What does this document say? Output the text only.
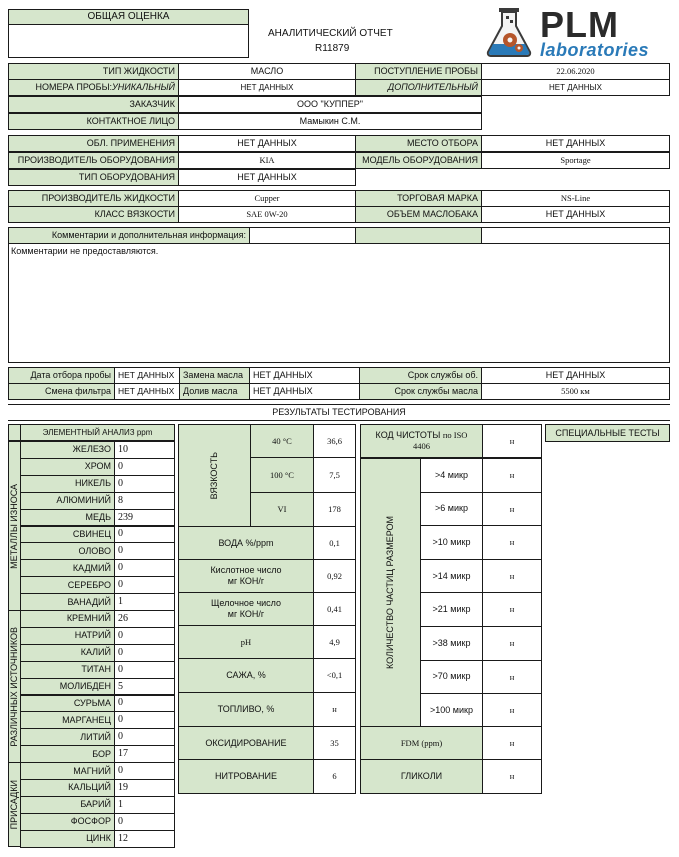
ОБЩАЯ ОЦЕНКА
АНАЛИТИЧЕСКИЙ ОТЧЕТ
R11879
PLM
laboratories
ТИП ЖИДКОСТИ	МАСЛО	ПОСТУПЛЕНИЕ ПРОБЫ	22.06.2020
НОМЕРА ПРОБЫ: УНИКАЛЬНЫЙ	НЕТ ДАННЫХ	ДОПОЛНИТЕЛЬНЫЙ	НЕТ ДАННЫХ
ЗАКАЗЧИК	ООО "КУППЕР"
КОНТАКТНОЕ ЛИЦО	Мамыкин С.М.
ОБЛ. ПРИМЕНЕНИЯ	НЕТ ДАННЫХ	МЕСТО ОТБОРА	НЕТ ДАННЫХ
ПРОИЗВОДИТЕЛЬ ОБОРУДОВАНИЯ	KIA	МОДЕЛЬ ОБОРУДОВАНИЯ	Sportage
ТИП ОБОРУДОВАНИЯ	НЕТ ДАННЫХ
ПРОИЗВОДИТЕЛЬ ЖИДКОСТИ	Cupper	ТОРГОВАЯ МАРКА	NS-Line
КЛАСС ВЯЗКОСТИ	SAE 0W-20	ОБЪЕМ МАСЛОБАКА	НЕТ ДАННЫХ
Комментарии и дополнительная информация:
Комментарии не предоставляются.
Дата отбора пробы НЕТ ДАННЫХ Замена масла	НЕТ ДАННЫХ	Срок службы об.	НЕТ ДАННЫХ
Смена фильтра НЕТ ДАННЫХ Долив масла	НЕТ ДАННЫХ	Срок службы масла	5500 км
РЕЗУЛЬТАТЫ ТЕСТИРОВАНИЯ
ЭЛЕМЕНТНЫЙ АНАЛИЗ ppm
МЕТАЛЛЫ ИЗНОСА
РАЗЛИЧНЫХ ИСТОЧНИКОВ
ПРИСАДКИ
ЖЕЛЕЗО 10
ХРОМ 0
НИКЕЛЬ 0
АЛЮМИНИЙ 8
МЕДЬ 239
СВИНЕЦ 0
ОЛОВО 0
КАДМИЙ 0
СЕРЕБРО 0
ВАНАДИЙ 1
КРЕМНИЙ 26
НАТРИЙ 0
КАЛИЙ 0
ТИТАН 0
МОЛИБДЕН 5
СУРЬМА 0
МАРГАНЕЦ 0
ЛИТИЙ 0
БОР 17
МАГНИЙ 0
КАЛЬЦИЙ 19
БАРИЙ 1
ФОСФОР 0
ЦИНК 12
ВЯЗКОСТЬ
40 °С	36,6
100 °С	7,5
VI	178
ВОДА %/ppm	0,1
Кислотное число
мг КОН/г
0,92
Щелочное число
мг КОН/г
0,41
pH	4,9
САЖА, %	<0,1
ТОПЛИВО, %	н
ОКСИДИРОВАНИЕ	35
НИТРОВАНИЕ	6
КОД ЧИСТОТЫ по ISO
4406
н
КОЛИЧЕСТВО ЧАСТИЦ РАЗМЕРОМ
>4 микр	н
>6 микр	н
>10 микр	н
>14 микр	н
>21 микр	н
>38 микр	н
>70 микр	н
>100 микр	н
FDM (ppm)	н
ГЛИКОЛИ	н
СПЕЦИАЛЬНЫЕ ТЕСТЫ
